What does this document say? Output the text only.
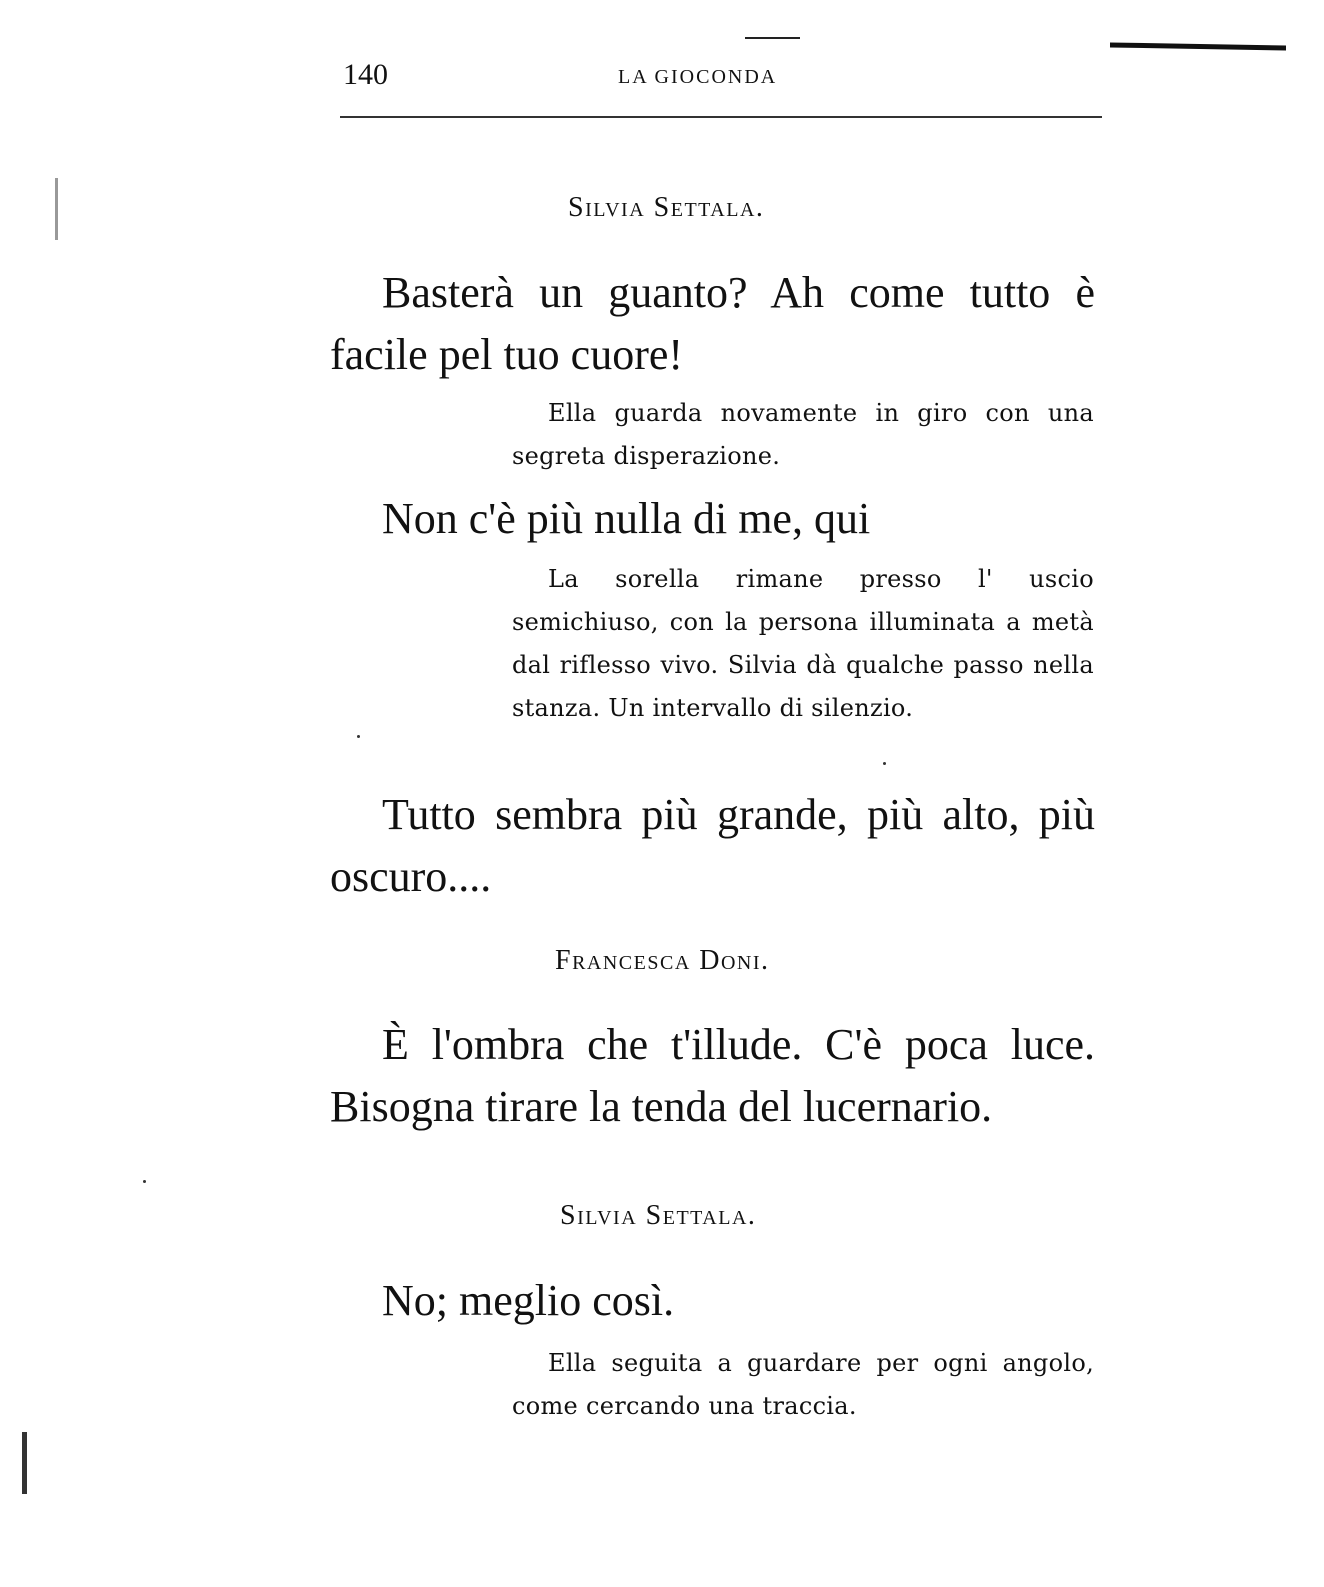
140	LA GIOCONDA
Silvia Settala.
Basterà un guanto? Ah come tutto è facile pel tuo cuore!
Ella guarda novamente in giro con una segreta disperazione.
Non c'è più nulla di me, qui
La sorella rimane presso l' uscio semichiuso, con la persona illuminata a metà dal riflesso vivo. Silvia dà qualche passo nella stanza. Un intervallo di silenzio.
Tutto sembra più grande, più alto, più oscuro....
Francesca Doni.
È l'ombra che t'illude. C'è poca luce. Bisogna tirare la tenda del lucernario.
Silvia Settala.
No; meglio così.
Ella seguita a guardare per ogni angolo, come cercando una traccia.
